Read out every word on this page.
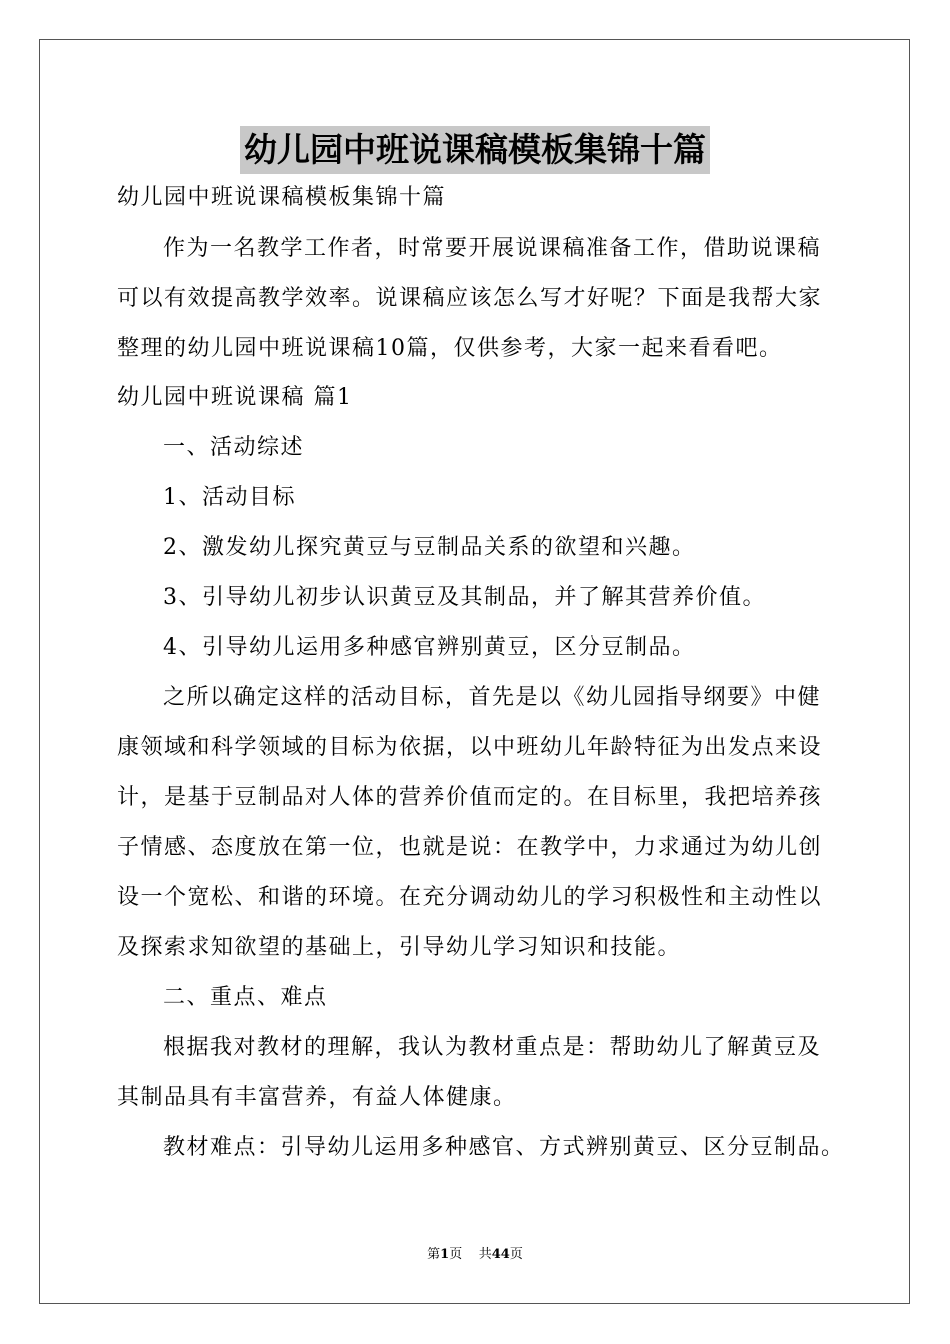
幼儿园中班说课稿模板集锦十篇
幼儿园中班说课稿模板集锦十篇
作为一名教学工作者，时常要开展说课稿准备工作，借助说课稿
可以有效提高教学效率。说课稿应该怎么写才好呢？下面是我帮大家
整理的幼儿园中班说课稿10篇，仅供参考，大家一起来看看吧。
幼儿园中班说课稿 篇1
一、活动综述
1、活动目标
2、激发幼儿探究黄豆与豆制品关系的欲望和兴趣。
3、引导幼儿初步认识黄豆及其制品，并了解其营养价值。
4、引导幼儿运用多种感官辨别黄豆，区分豆制品。
之所以确定这样的活动目标，首先是以《幼儿园指导纲要》中健
康领域和科学领域的目标为依据，以中班幼儿年龄特征为出发点来设
计，是基于豆制品对人体的营养价值而定的。在目标里，我把培养孩
子情感、态度放在第一位，也就是说：在教学中，力求通过为幼儿创
设一个宽松、和谐的环境。在充分调动幼儿的学习积极性和主动性以
及探索求知欲望的基础上，引导幼儿学习知识和技能。
二、重点、难点
根据我对教材的理解，我认为教材重点是：帮助幼儿了解黄豆及
其制品具有丰富营养，有益人体健康。
教材难点：引导幼儿运用多种感官、方式辨别黄豆、区分豆制品。
第1页    共44页
